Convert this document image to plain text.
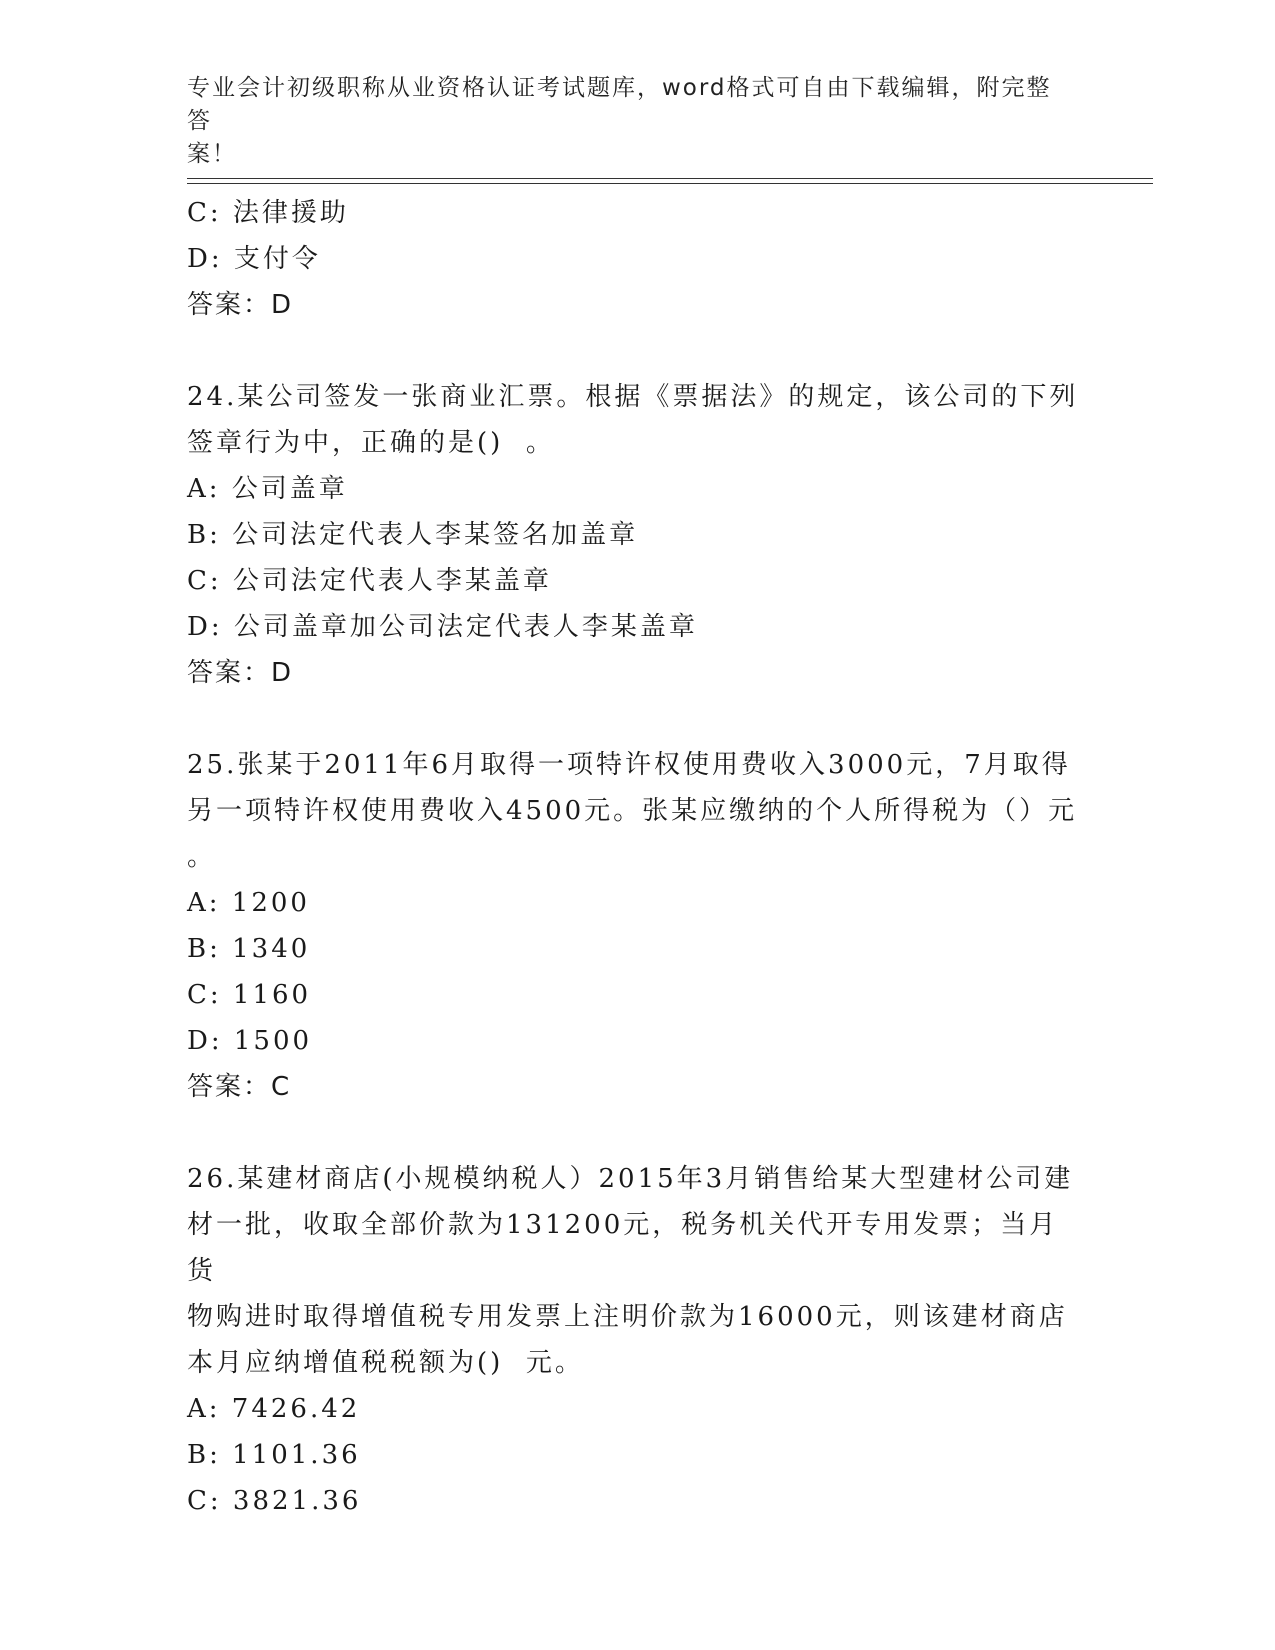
专业会计初级职称从业资格认证考试题库，word格式可自由下载编辑，附完整答
案！
C: 法律援助
D: 支付令
答案：D
24.某公司签发一张商业汇票。根据《票据法》的规定，该公司的下列
签章行为中，正确的是()  。
A: 公司盖章
B: 公司法定代表人李某签名加盖章
C: 公司法定代表人李某盖章
D: 公司盖章加公司法定代表人李某盖章
答案：D
25.张某于2011年6月取得一项特许权使用费收入3000元，7月取得
另一项特许权使用费收入4500元。张某应缴纳的个人所得税为（）元
。
A: 1200
B: 1340
C: 1160
D: 1500
答案：C
26.某建材商店(小规模纳税人）2015年3月销售给某大型建材公司建
材一批，收取全部价款为131200元，税务机关代开专用发票；当月货
物购进时取得增值税专用发票上注明价款为16000元，则该建材商店
本月应纳增值税税额为()  元。
A: 7426.42
B: 1101.36
C: 3821.36
